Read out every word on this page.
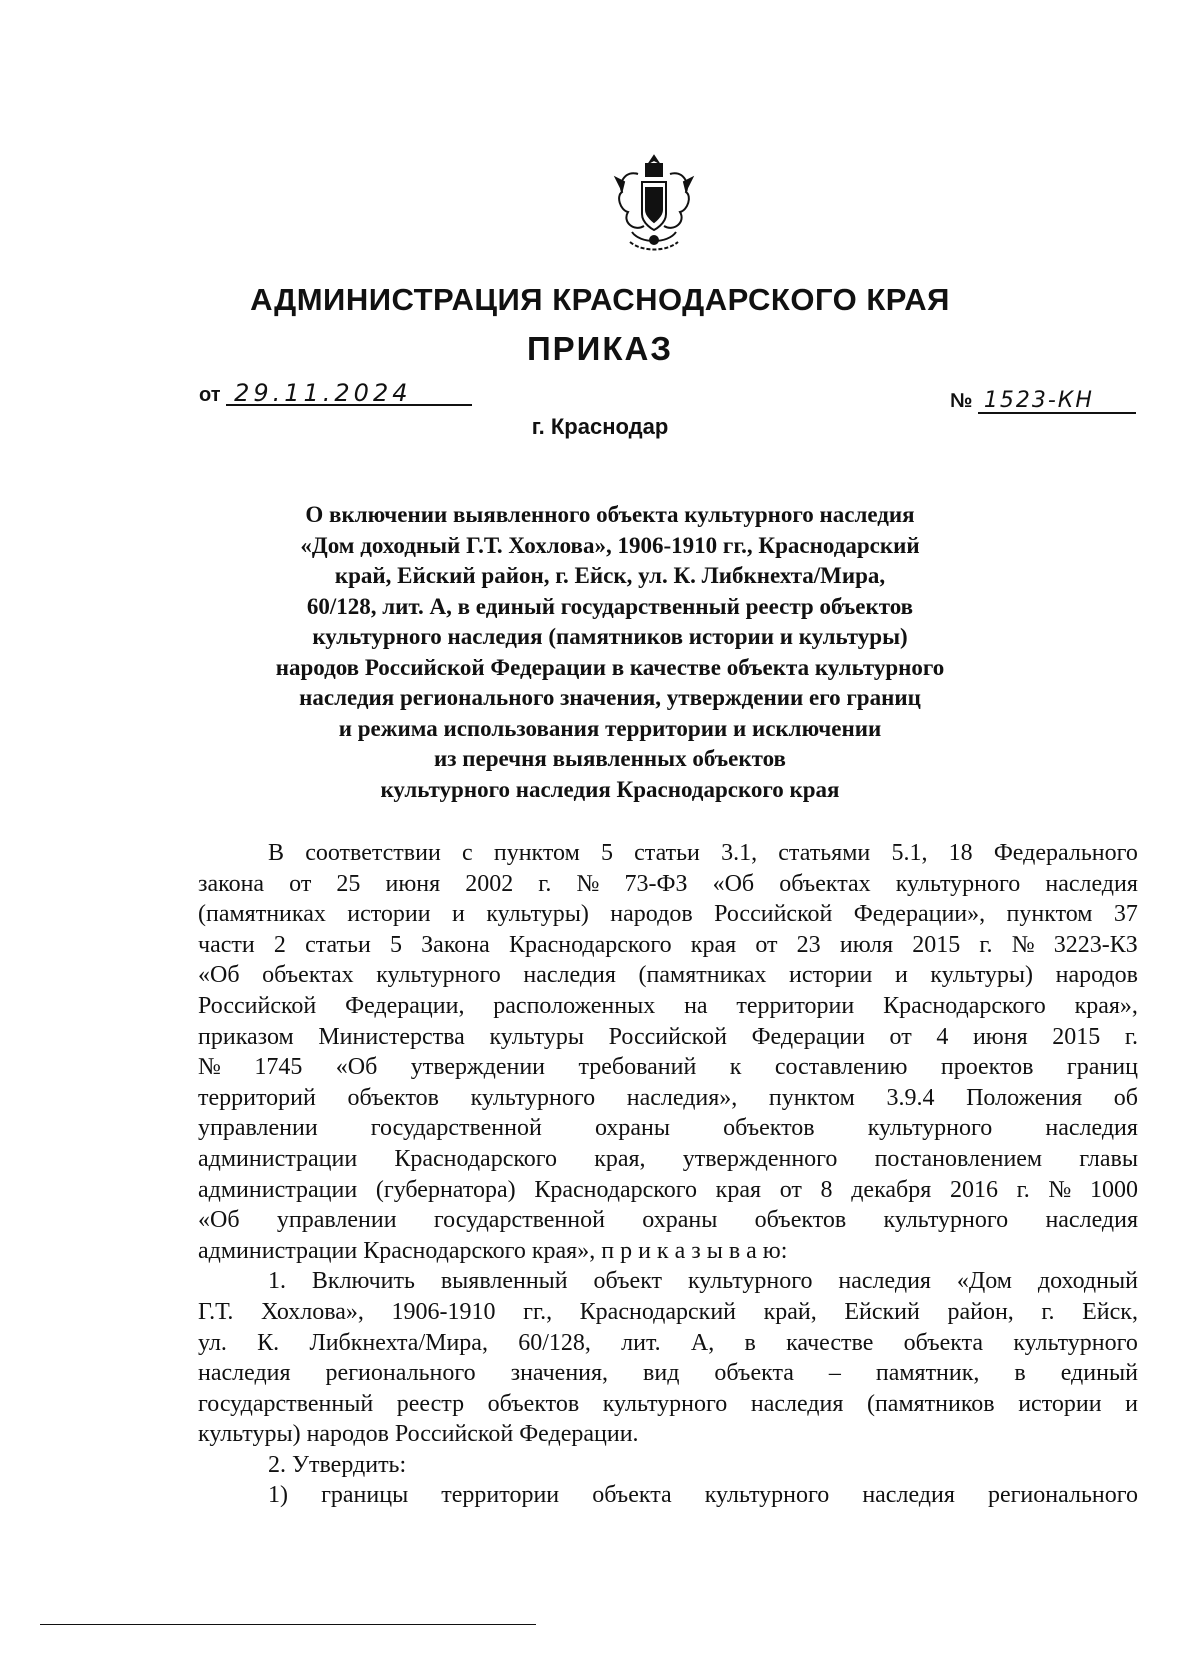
АДМИНИСТРАЦИЯ КРАСНОДАРСКОГО КРАЯ
ПРИКАЗ
от 29.11.2024
г. Краснодар
№ 1523-КН
О включении выявленного объекта культурного наследия
«Дом доходный Г.Т. Хохлова», 1906-1910 гг., Краснодарский
край, Ейский район, г. Ейск, ул. К. Либкнехта/Мира,
60/128, лит. А, в единый государственный реестр объектов
культурного наследия (памятников истории и культуры)
народов Российской Федерации в качестве объекта культурного
наследия регионального значения, утверждении его границ
и режима использования территории и исключении
из перечня выявленных объектов
культурного наследия Краснодарского края
В соответствии с пунктом 5 статьи 3.1, статьями 5.1, 18 Федерального
закона от 25 июня 2002 г. № 73-ФЗ «Об объектах культурного наследия
(памятниках истории и культуры) народов Российской Федерации», пунктом 37
части 2 статьи 5 Закона Краснодарского края от 23 июля 2015 г. № 3223-КЗ
«Об объектах культурного наследия (памятниках истории и культуры) народов
Российской Федерации, расположенных на территории Краснодарского края»,
приказом Министерства культуры Российской Федерации от 4 июня 2015 г.
№ 1745 «Об утверждении требований к составлению проектов границ
территорий объектов культурного наследия», пунктом 3.9.4 Положения об
управлении государственной охраны объектов культурного наследия
администрации Краснодарского края, утвержденного постановлением главы
администрации (губернатора) Краснодарского края от 8 декабря 2016 г. № 1000
«Об управлении государственной охраны объектов культурного наследия
администрации Краснодарского края», п р и к а з ы в а ю:
1. Включить выявленный объект культурного наследия «Дом доходный
Г.Т. Хохлова», 1906-1910 гг., Краснодарский край, Ейский район, г. Ейск,
ул. К. Либкнехта/Мира, 60/128, лит. А, в качестве объекта культурного
наследия регионального значения, вид объекта – памятник, в единый
государственный реестр объектов культурного наследия (памятников истории и
культуры) народов Российской Федерации.
2. Утвердить:
1) границы территории объекта культурного наследия регионального
